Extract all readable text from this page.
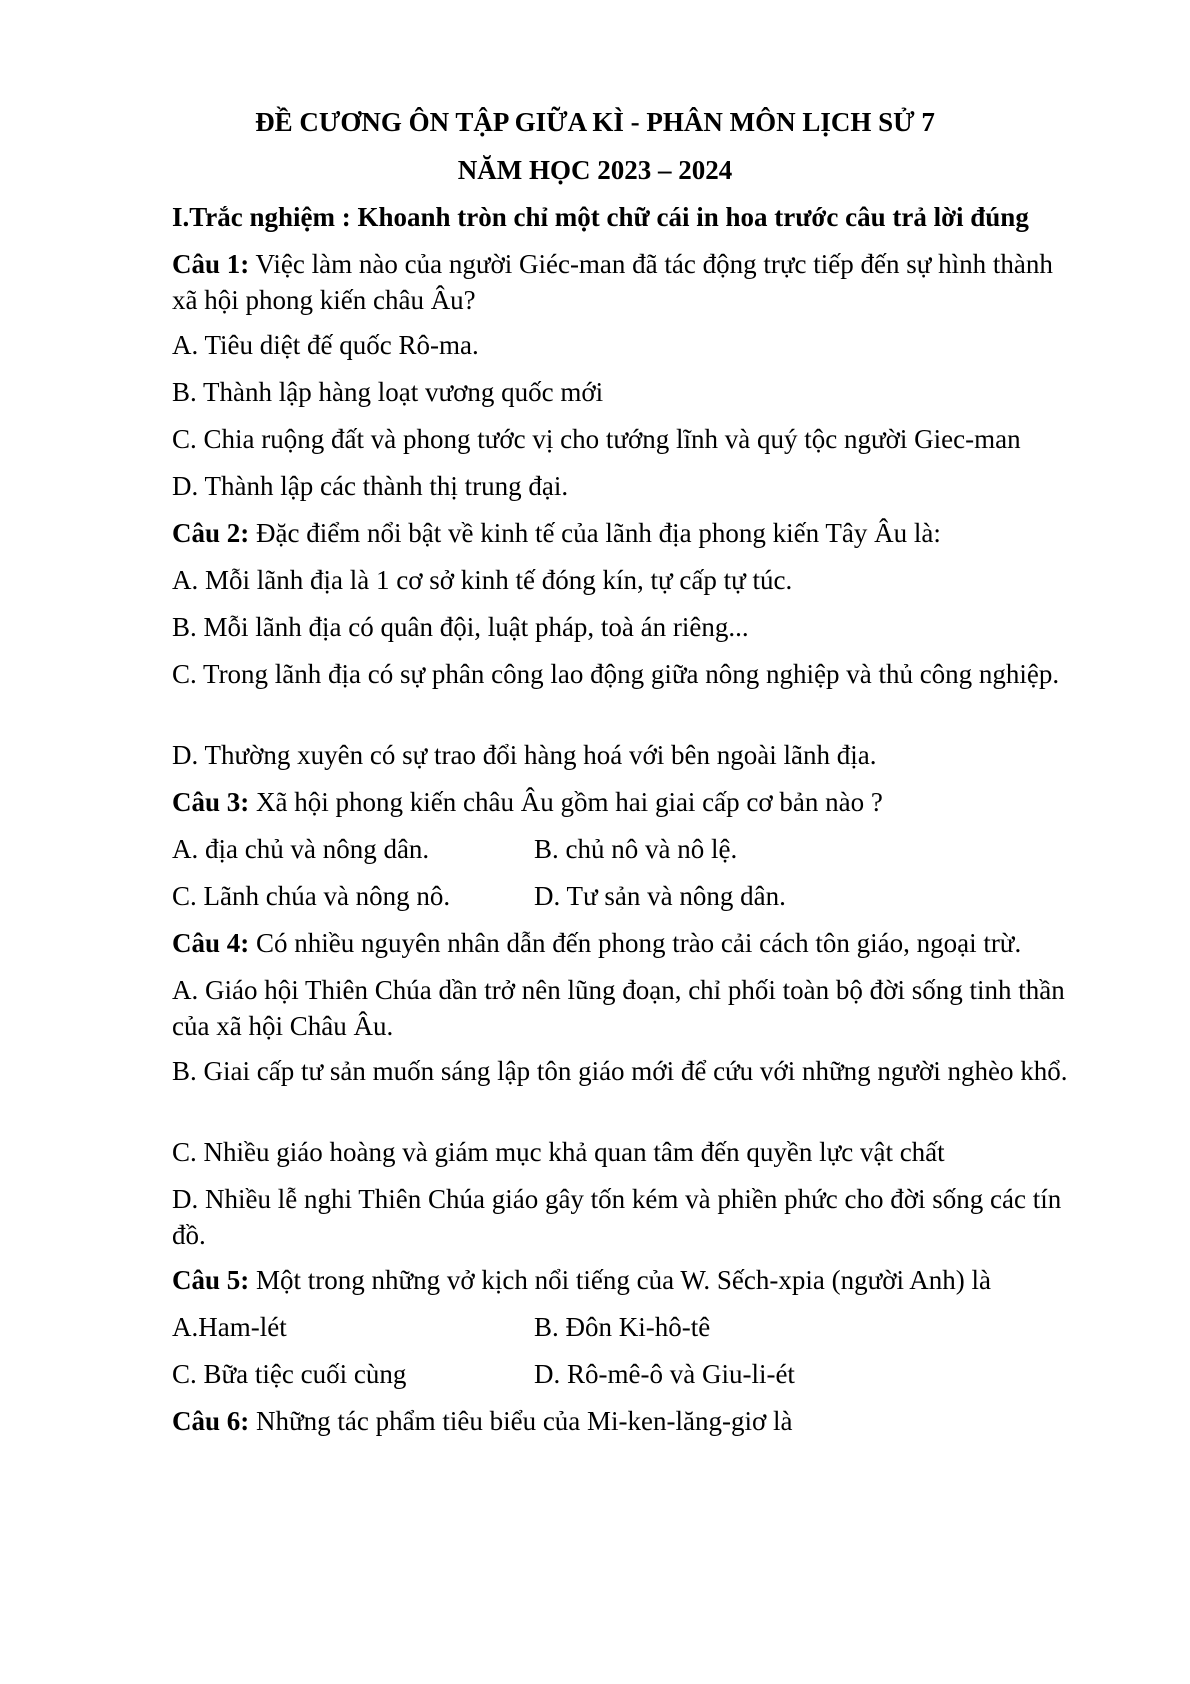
ĐỀ CƯƠNG ÔN TẬP GIỮA KÌ - PHÂN MÔN LỊCH SỬ 7
NĂM HỌC 2023 – 2024
I.Trắc nghiệm : Khoanh tròn chỉ một chữ cái in hoa trước câu trả lời đúng
Câu 1: Việc làm nào của người Giéc-man đã tác động trực tiếp đến sự hình thành xã hội phong kiến châu Âu?
A. Tiêu diệt đế quốc Rô-ma.
B. Thành lập hàng loạt vương quốc mới
C. Chia ruộng đất và phong tước vị cho tướng lĩnh và quý tộc người Giec-man
D. Thành lập các thành thị trung đại.
Câu 2: Đặc điểm nổi bật về kinh tế của lãnh địa phong kiến Tây Âu là:
A. Mỗi lãnh địa là 1 cơ sở kinh tế đóng kín, tự cấp tự túc.
B. Mỗi lãnh địa có quân đội, luật pháp, toà án riêng...
C. Trong lãnh địa có sự phân công lao động giữa nông nghiệp và thủ công nghiệp.
D. Thường xuyên có sự trao đổi hàng hoá với bên ngoài lãnh địa.
Câu 3: Xã hội phong kiến châu Âu gồm hai giai cấp cơ bản nào ?
A. địa chủ và nông dân.	B. chủ nô và nô lệ.
C. Lãnh chúa và nông nô.	D. Tư sản và nông dân.
Câu 4: Có nhiều nguyên nhân dẫn đến phong trào cải cách tôn giáo, ngoại trừ.
A. Giáo hội Thiên Chúa dần trở nên lũng đoạn, chỉ phối toàn bộ đời sống tinh thần của xã hội Châu Âu.
B. Giai cấp tư sản muốn sáng lập tôn giáo mới để cứu với những người nghèo khổ.
C. Nhiều giáo hoàng và giám mục khả quan tâm đến quyền lực vật chất
D. Nhiều lễ nghi Thiên Chúa giáo gây tốn kém và phiền phức cho đời sống các tín đồ.
Câu 5: Một trong những vở kịch nổi tiếng của W. Sếch-xpia (người Anh) là
A.Ham-lét	B. Đôn Ki-hô-tê
C. Bữa tiệc cuối cùng	D. Rô-mê-ô và Giu-li-ét
Câu 6: Những tác phẩm tiêu biểu của Mi-ken-lăng-giơ là
